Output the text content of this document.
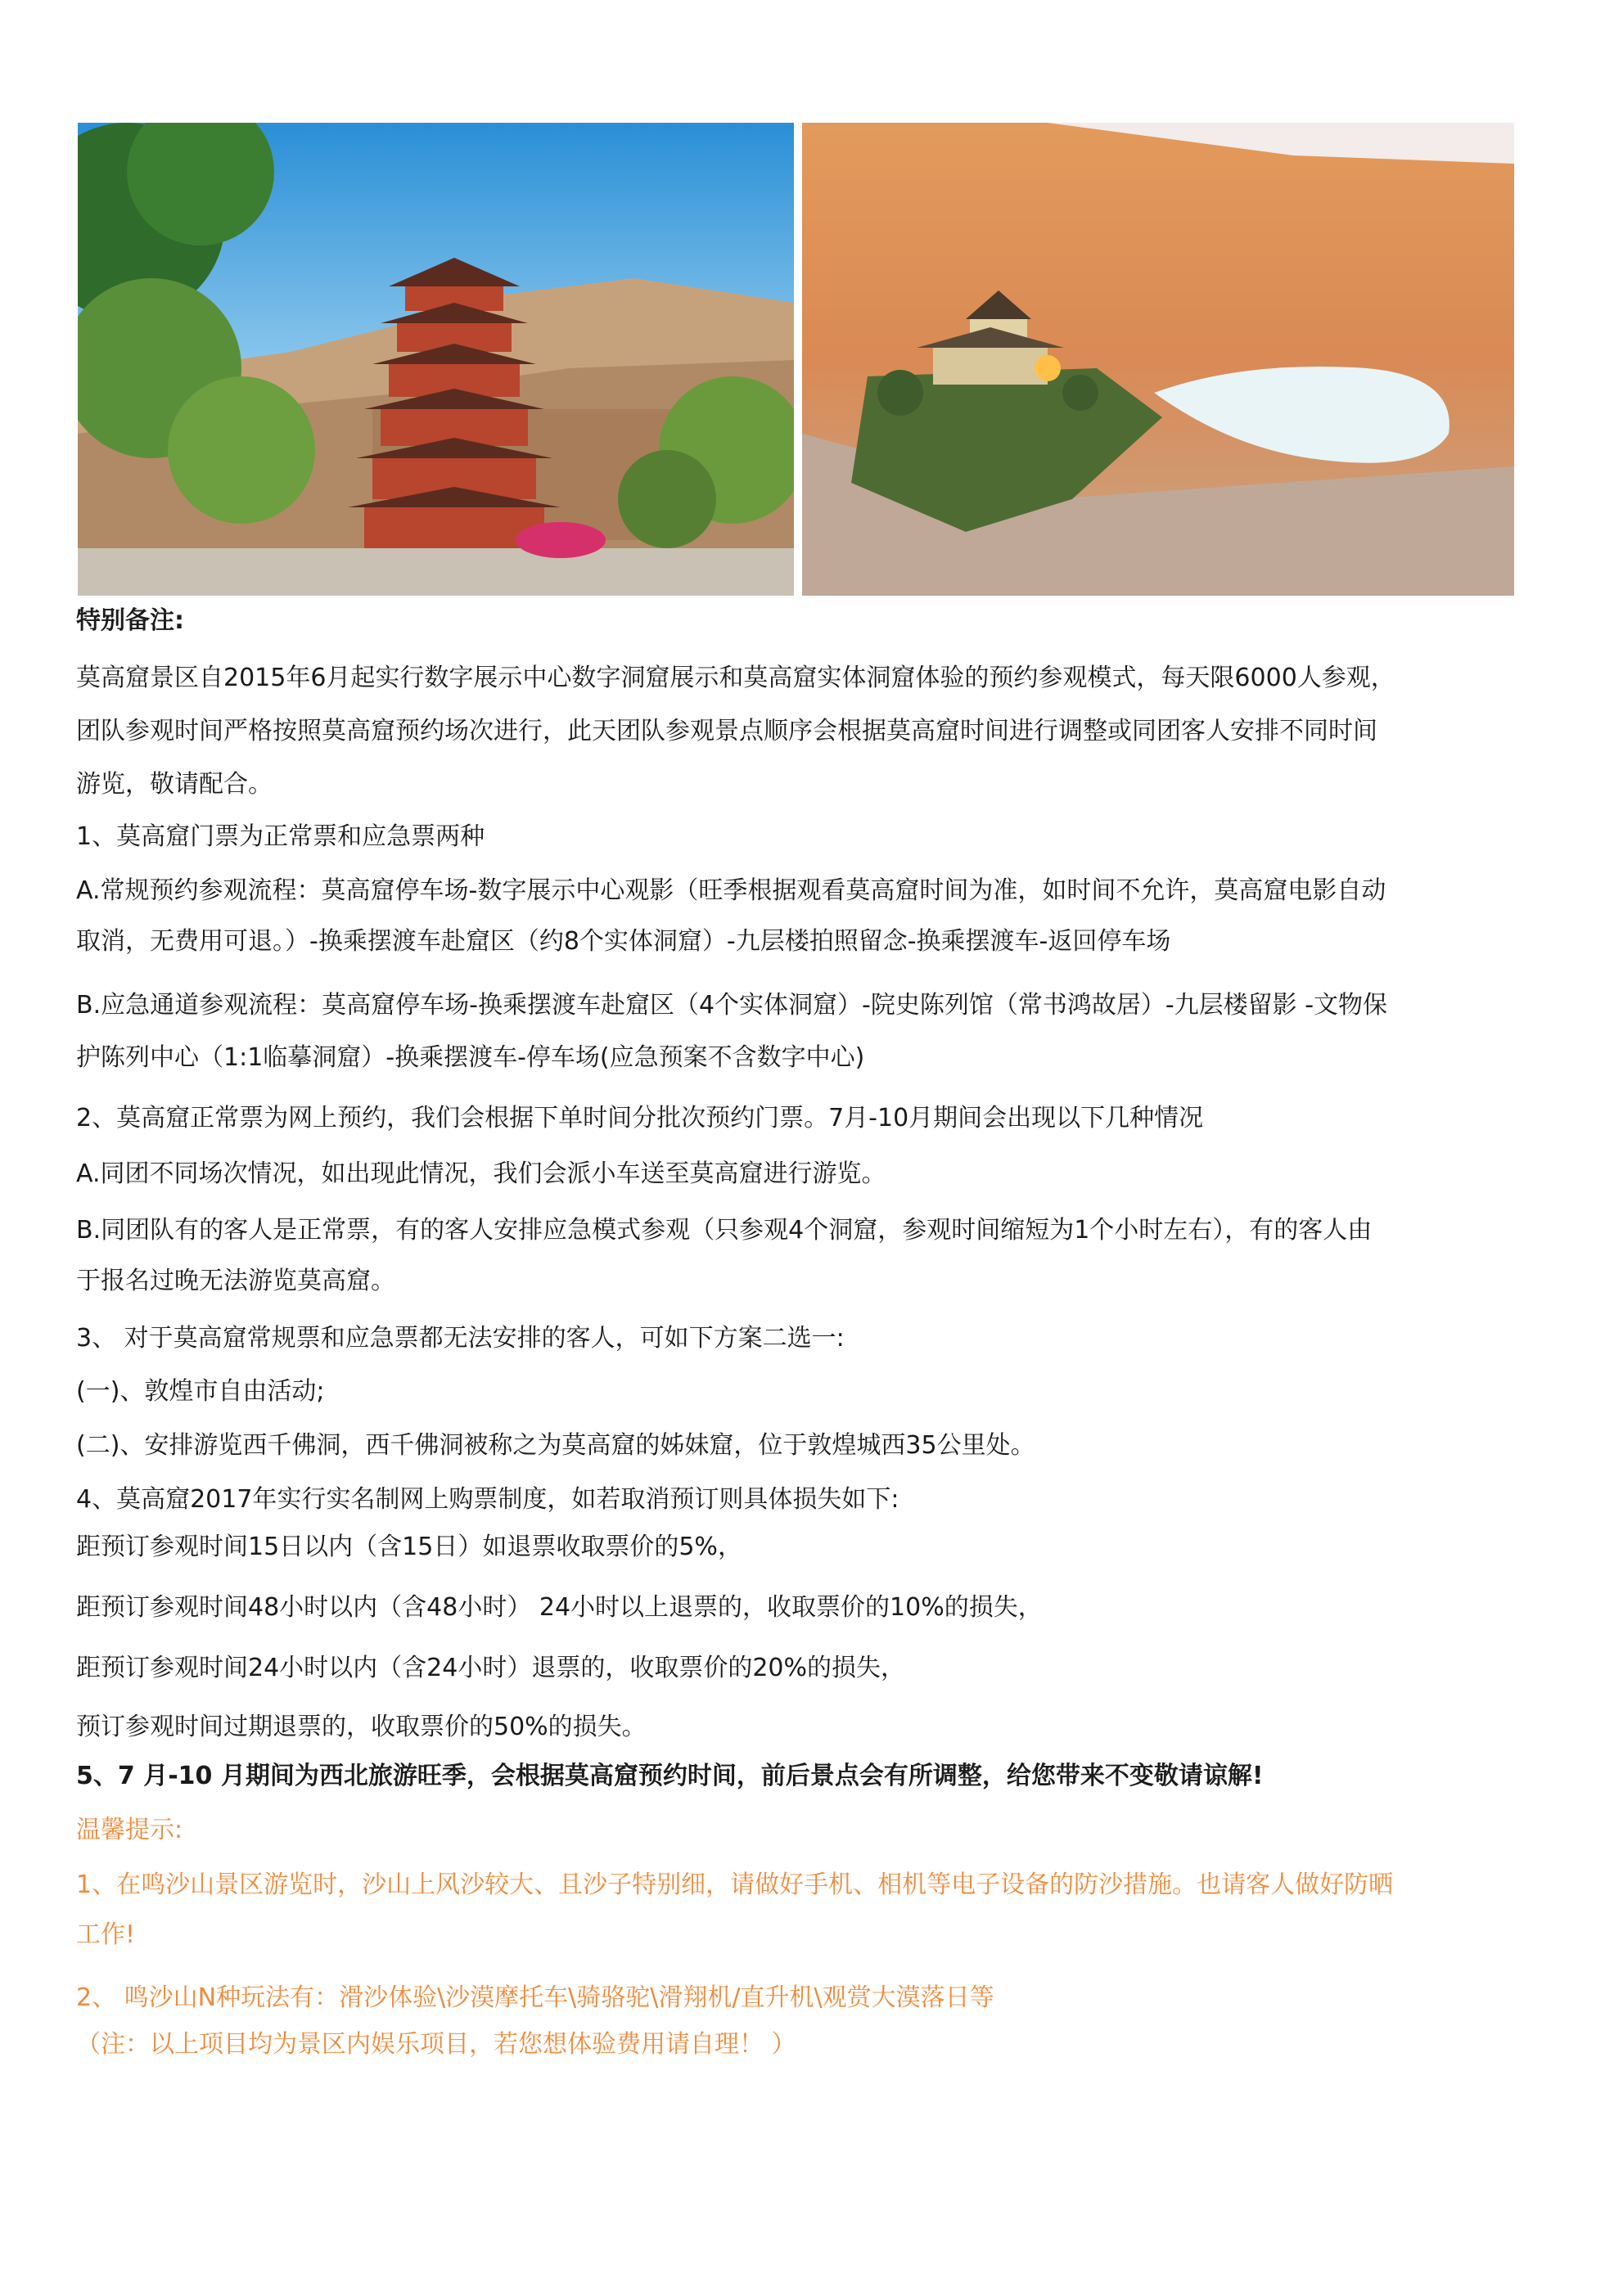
特别备注:
莫高窟景区自2015年6月起实行数字展示中心数字洞窟展示和莫高窟实体洞窟体验的预约参观模式，每天限6000人参观，
团队参观时间严格按照莫高窟预约场次进行，此天团队参观景点顺序会根据莫高窟时间进行调整或同团客人安排不同时间
游览，敬请配合。
1、莫高窟门票为正常票和应急票两种
A.常规预约参观流程：莫高窟停车场-数字展示中心观影（旺季根据观看莫高窟时间为准，如时间不允许，莫高窟电影自动
取消，无费用可退。）-换乘摆渡车赴窟区（约8个实体洞窟）-九层楼拍照留念-换乘摆渡车-返回停车场
B.应急通道参观流程：莫高窟停车场-换乘摆渡车赴窟区（4个实体洞窟）-院史陈列馆（常书鸿故居）-九层楼留影 -文物保
护陈列中心（1:1临摹洞窟）-换乘摆渡车-停车场(应急预案不含数字中心)
2、莫高窟正常票为网上预约，我们会根据下单时间分批次预约门票。7月-10月期间会出现以下几种情况
A.同团不同场次情况，如出现此情况，我们会派小车送至莫高窟进行游览。
B.同团队有的客人是正常票，有的客人安排应急模式参观（只参观4个洞窟，参观时间缩短为1个小时左右），有的客人由
于报名过晚无法游览莫高窟。
3、 对于莫高窟常规票和应急票都无法安排的客人，可如下方案二选一:
(一)、敦煌市自由活动;
(二)、安排游览西千佛洞，西千佛洞被称之为莫高窟的姊妹窟，位于敦煌城西35公里处。
4、莫高窟2017年实行实名制网上购票制度，如若取消预订则具体损失如下:
距预订参观时间15日以内（含15日）如退票收取票价的5%，
距预订参观时间48小时以内（含48小时） 24小时以上退票的，收取票价的10%的损失，
距预订参观时间24小时以内（含24小时）退票的，收取票价的20%的损失，
预订参观时间过期退票的，收取票价的50%的损失。
5、7 月-10 月期间为西北旅游旺季，会根据莫高窟预约时间，前后景点会有所调整，给您带来不变敬请谅解!
温馨提示:
1、在鸣沙山景区游览时，沙山上风沙较大、且沙子特别细，请做好手机、相机等电子设备的防沙措施。也请客人做好防晒
工作!
2、 鸣沙山N种玩法有：滑沙体验\沙漠摩托车\骑骆驼\滑翔机/直升机\观赏大漠落日等
（注：以上项目均为景区内娱乐项目，若您想体验费用请自理！ ）
